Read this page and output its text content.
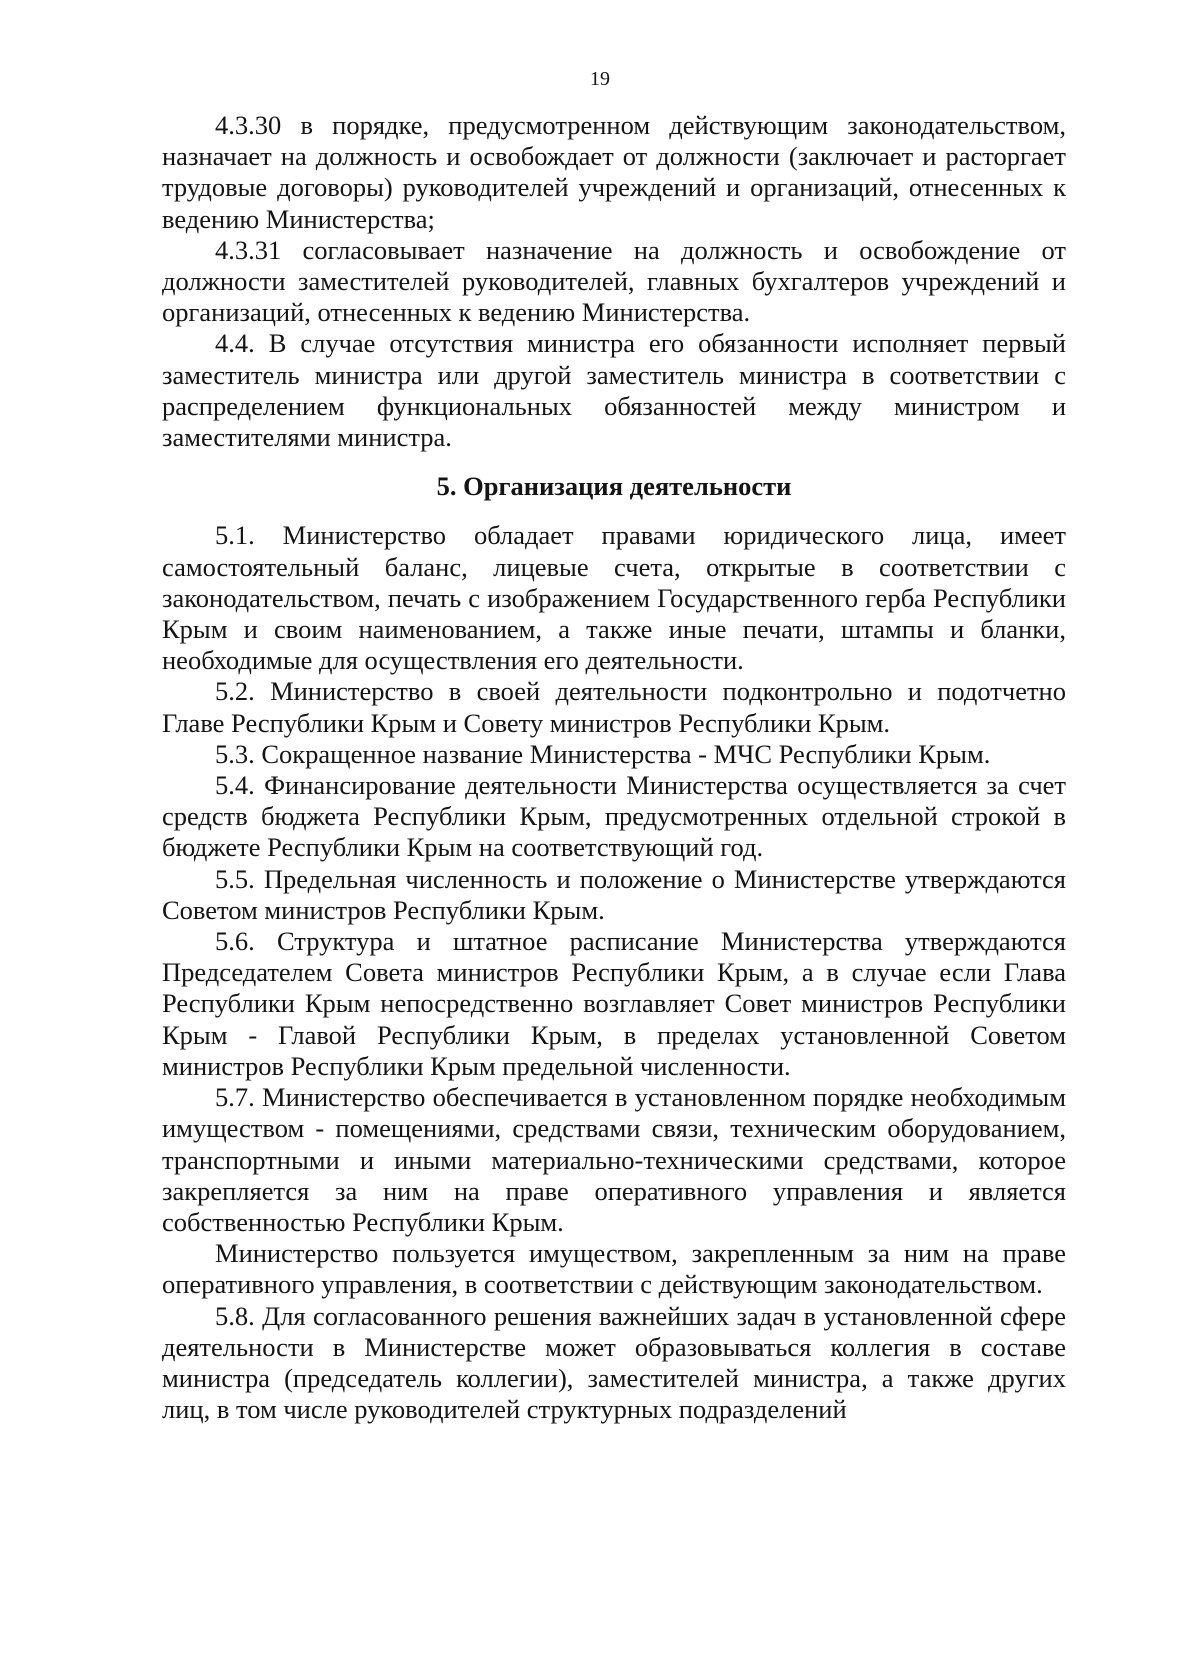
19

4.3.30 в порядке, предусмотренном действующим законодательством, назначает на должность и освобождает от должности (заключает и расторгает трудовые договоры) руководителей учреждений и организаций, отнесенных к ведению Министерства;

4.3.31 согласовывает назначение на должность и освобождение от должности заместителей руководителей, главных бухгалтеров учреждений и организаций, отнесенных к ведению Министерства.

4.4. В случае отсутствия министра его обязанности исполняет первый заместитель министра или другой заместитель министра в соответствии с распределением функциональных обязанностей между министром и заместителями министра.

5. Организация деятельности

5.1. Министерство обладает правами юридического лица, имеет самостоятельный баланс, лицевые счета, открытые в соответствии с законодательством, печать с изображением Государственного герба Республики Крым и своим наименованием, а также иные печати, штампы и бланки, необходимые для осуществления его деятельности.

5.2. Министерство в своей деятельности подконтрольно и подотчетно Главе Республики Крым и Совету министров Республики Крым.

5.3. Сокращенное название Министерства - МЧС Республики Крым.

5.4. Финансирование деятельности Министерства осуществляется за счет средств бюджета Республики Крым, предусмотренных отдельной строкой в бюджете Республики Крым на соответствующий год.

5.5. Предельная численность и положение о Министерстве утверждаются Советом министров Республики Крым.

5.6. Структура и штатное расписание Министерства утверждаются Председателем Совета министров Республики Крым, а в случае если Глава Республики Крым непосредственно возглавляет Совет министров Республики Крым - Главой Республики Крым, в пределах установленной Советом министров Республики Крым предельной численности.

5.7. Министерство обеспечивается в установленном порядке необходимым имуществом - помещениями, средствами связи, техническим оборудованием, транспортными и иными материально-техническими средствами, которое закрепляется за ним на праве оперативного управления и является собственностью Республики Крым.

Министерство пользуется имуществом, закрепленным за ним на праве оперативного управления, в соответствии с действующим законодательством.

5.8. Для согласованного решения важнейших задач в установленной сфере деятельности в Министерстве может образовываться коллегия в составе министра (председатель коллегии), заместителей министра, а также других лиц, в том числе руководителей структурных подразделений
